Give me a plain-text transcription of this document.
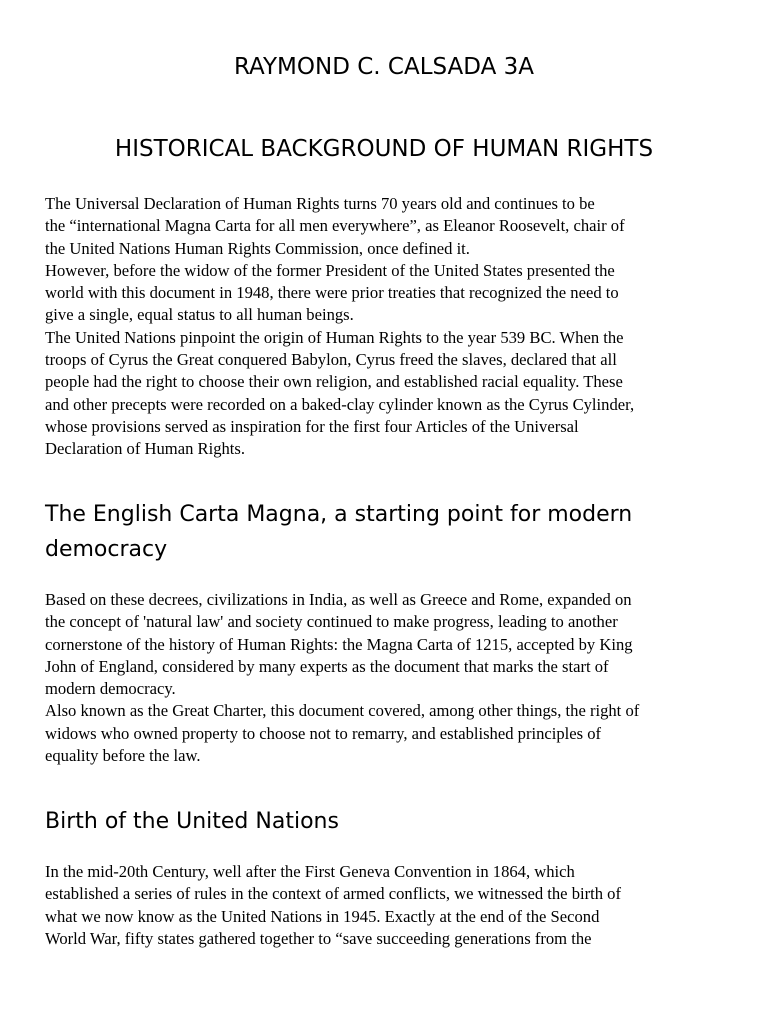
RAYMOND C. CALSADA 3A
HISTORICAL BACKGROUND OF HUMAN RIGHTS
The Universal Declaration of Human Rights turns 70 years old and continues to be
the “international Magna Carta for all men everywhere”, as Eleanor Roosevelt, chair of
the United Nations Human Rights Commission, once defined it.
However, before the widow of the former President of the United States presented the
world with this document in 1948, there were prior treaties that recognized the need to
give a single, equal status to all human beings.
The United Nations pinpoint the origin of Human Rights to the year 539 BC. When the
troops of Cyrus the Great conquered Babylon, Cyrus freed the slaves, declared that all
people had the right to choose their own religion, and established racial equality. These
and other precepts were recorded on a baked-clay cylinder known as the Cyrus Cylinder,
whose provisions served as inspiration for the first four Articles of the Universal
Declaration of Human Rights.
The English Carta Magna, a starting point for modern
democracy
Based on these decrees, civilizations in India, as well as Greece and Rome, expanded on
the concept of 'natural law' and society continued to make progress, leading to another
cornerstone of the history of Human Rights: the Magna Carta of 1215, accepted by King
John of England, considered by many experts as the document that marks the start of
modern democracy.
Also known as the Great Charter, this document covered, among other things, the right of
widows who owned property to choose not to remarry, and established principles of
equality before the law.
Birth of the United Nations
In the mid-20th Century, well after the First Geneva Convention in 1864, which
established a series of rules in the context of armed conflicts, we witnessed the birth of
what we now know as the United Nations in 1945. Exactly at the end of the Second
World War, fifty states gathered together to “save succeeding generations from the
